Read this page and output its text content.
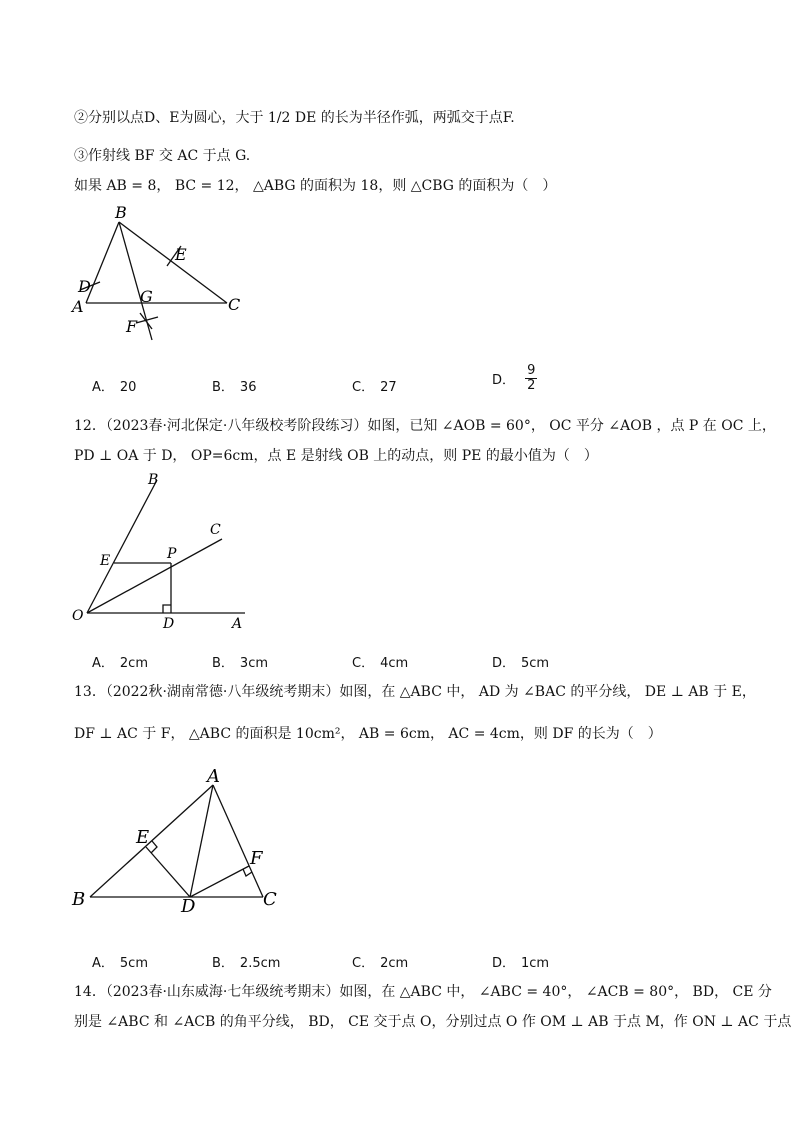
②分别以点D、E为圆心，大于 1/2 DE 的长为半径作弧，两弧交于点F.
③作射线 BF 交 AC 于点 G.
如果 AB = 8， BC = 12， △ABG 的面积为 18，则 △CBG 的面积为（　）
B
E
D
G
A	C
F
A． 20	B． 36	C． 27	D． $\frac{9}{2}$
12．（2023春·河北保定·八年级校考阶段练习）如图，已知 ∠AOB = 60°， OC 平分 ∠AOB ，点 P 在 OC 上，
PD ⊥ OA 于 D， OP=6cm，点 E 是射线 OB 上的动点，则 PE 的最小值为（　）
B
C
E	P
O	D	A
A． 2cm	B． 3cm	C． 4cm	D． 5cm
13．（2022秋·湖南常德·八年级统考期末）如图，在 △ABC 中， AD 为 ∠BAC 的平分线， DE ⊥ AB 于 E，
DF ⊥ AC 于 F， △ABC 的面积是 10cm²， AB = 6cm， AC = 4cm，则 DF 的长为（　）
A
E
F
B	D	C
A． 5cm	B． 2.5cm	C． 2cm	D． 1cm
14．（2023春·山东威海·七年级统考期末）如图，在 △ABC 中， ∠ABC = 40°， ∠ACB = 80°， BD， CE 分
别是 ∠ABC 和 ∠ACB 的角平分线， BD， CE 交于点 O，分别过点 O 作 OM ⊥ AB 于点 M，作 ON ⊥ AC 于点
